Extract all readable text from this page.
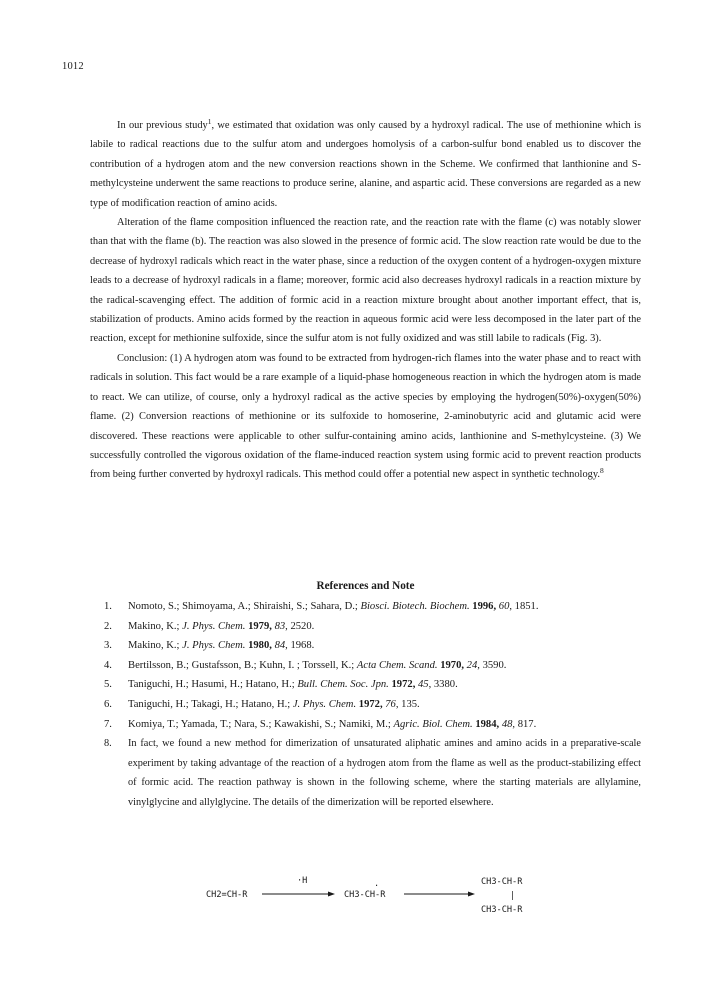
1012

In our previous study$^1$, we estimated that oxidation was only caused by a hydroxyl radical. The use of methionine which is labile to radical reactions due to the sulfur atom and undergoes homolysis of a carbon-sulfur bond enabled us to discover the contribution of a hydrogen atom and the new conversion reactions shown in the Scheme. We confirmed that lanthionine and S-methylcysteine underwent the same reactions to produce serine, alanine, and aspartic acid. These conversions are regarded as a new type of modification reaction of amino acids.

Alteration of the flame composition influenced the reaction rate, and the reaction rate with the flame (c) was notably slower than that with the flame (b). The reaction was also slowed in the presence of formic acid. The slow reaction rate would be due to the decrease of hydroxyl radicals which react in the water phase, since a reduction of the oxygen content of a hydrogen-oxygen mixture leads to a decrease of hydroxyl radicals in a flame; moreover, formic acid also decreases hydroxyl radicals in a reaction mixture by the radical-scavenging effect. The addition of formic acid in a reaction mixture brought about another important effect, that is, stabilization of products. Amino acids formed by the reaction in aqueous formic acid were less decomposed in the later part of the reaction, except for methionine sulfoxide, since the sulfur atom is not fully oxidized and was still labile to radicals (Fig. 3).

Conclusion: (1) A hydrogen atom was found to be extracted from hydrogen-rich flames into the water phase and to react with radicals in solution. This fact would be a rare example of a liquid-phase homogeneous reaction in which the hydrogen atom is made to react. We can utilize, of course, only a hydroxyl radical as the active species by employing the hydrogen(50%)-oxygen(50%) flame. (2) Conversion reactions of methionine or its sulfoxide to homoserine, 2-aminobutyric acid and glutamic acid were discovered. These reactions were applicable to other sulfur-containing amino acids, lanthionine and S-methylcysteine. (3) We successfully controlled the vigorous oxidation of the flame-induced reaction system using formic acid to prevent reaction products from being further converted by hydroxyl radicals. This method could offer a potential new aspect in synthetic technology.$^8$

References and Note
1. Nomoto, S.; Shimoyama, A.; Shiraishi, S.; Sahara, D.; Biosci. Biotech. Biochem. 1996, 60, 1851.
2. Makino, K.; J. Phys. Chem. 1979, 83, 2520.
3. Makino, K.; J. Phys. Chem. 1980, 84, 1968.
4. Bertilsson, B.; Gustafsson, B.; Kuhn, I. ; Torssell, K.; Acta Chem. Scand. 1970, 24, 3590.
5. Taniguchi, H.; Hasumi, H.; Hatano, H.; Bull. Chem. Soc. Jpn. 1972, 45, 3380.
6. Taniguchi, H.; Takagi, H.; Hatano, H.; J. Phys. Chem. 1972, 76, 135.
7. Komiya, T.; Yamada, T.; Nara, S.; Kawakishi, S.; Namiki, M.; Agric. Biol. Chem. 1984, 48, 817.
8. In fact, we found a new method for dimerization of unsaturated aliphatic amines and amino acids in a preparative-scale experiment by taking advantage of the reaction of a hydrogen atom from the flame as well as the product-stabilizing effect of formic acid. The reaction pathway is shown in the following scheme, where the starting materials are allylamine, vinylglycine and allylglycine. The details of the dimerization will be reported elsewhere.
CH2=CH-R
·H
CH3-CH-R
.	CH3-CH-R
|
CH3-CH-R
